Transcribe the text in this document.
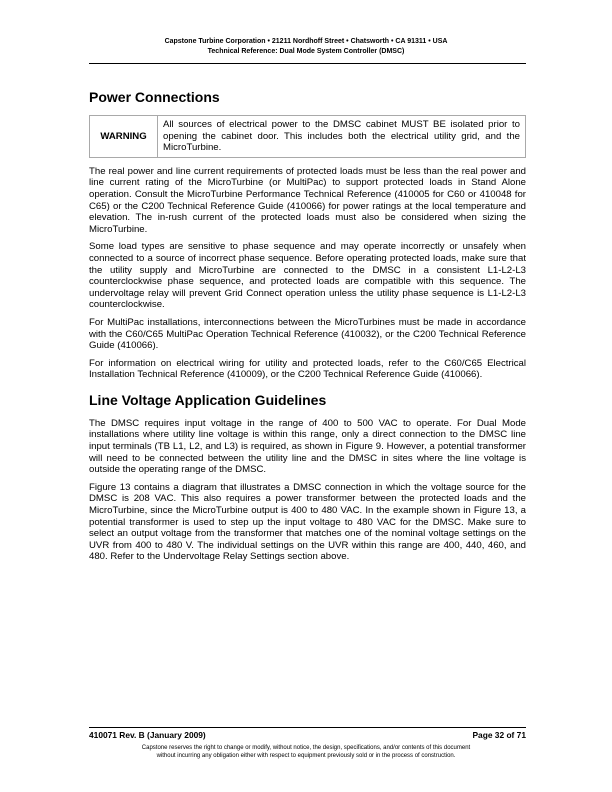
Capstone Turbine Corporation • 21211 Nordhoff Street • Chatsworth • CA 91311 • USA
Technical Reference: Dual Mode System Controller (DMSC)
Power Connections
WARNING	All sources of electrical power to the DMSC cabinet MUST BE isolated prior to opening the cabinet door. This includes both the electrical utility grid, and the MicroTurbine.

The real power and line current requirements of protected loads must be less than the real power and line current rating of the MicroTurbine (or MultiPac) to support protected loads in Stand Alone operation. Consult the MicroTurbine Performance Technical Reference (410005 for C60 or 410048 for C65) or the C200 Technical Reference Guide (410066) for power ratings at the local temperature and elevation. The in-rush current of the protected loads must also be considered when sizing the MicroTurbine.

Some load types are sensitive to phase sequence and may operate incorrectly or unsafely when connected to a source of incorrect phase sequence. Before operating protected loads, make sure that the utility supply and MicroTurbine are connected to the DMSC in a consistent L1-L2-L3 counterclockwise phase sequence, and protected loads are compatible with this sequence. The undervoltage relay will prevent Grid Connect operation unless the utility phase sequence is L1-L2-L3 counterclockwise.

For MultiPac installations, interconnections between the MicroTurbines must be made in accordance with the C60/C65 MultiPac Operation Technical Reference (410032), or the C200 Technical Reference Guide (410066).

For information on electrical wiring for utility and protected loads, refer to the C60/C65 Electrical Installation Technical Reference (410009), or the C200 Technical Reference Guide (410066).

Line Voltage Application Guidelines

The DMSC requires input voltage in the range of 400 to 500 VAC to operate. For Dual Mode installations where utility line voltage is within this range, only a direct connection to the DMSC line input terminals (TB L1, L2, and L3) is required, as shown in Figure 9. However, a potential transformer will need to be connected between the utility line and the DMSC in sites where the line voltage is outside the operating range of the DMSC.

Figure 13 contains a diagram that illustrates a DMSC connection in which the voltage source for the DMSC is 208 VAC. This also requires a power transformer between the protected loads and the MicroTurbine, since the MicroTurbine output is 400 to 480 VAC. In the example shown in Figure 13, a potential transformer is used to step up the input voltage to 480 VAC for the DMSC. Make sure to select an output voltage from the transformer that matches one of the nominal voltage settings on the UVR from 400 to 480 V. The individual settings on the UVR within this range are 400, 440, 460, and 480. Refer to the Undervoltage Relay Settings section above.

410071 Rev. B (January 2009)	Page 32 of 71
Capstone reserves the right to change or modify, without notice, the design, specifications, and/or contents of this document
without incurring any obligation either with respect to equipment previously sold or in the process of construction.
